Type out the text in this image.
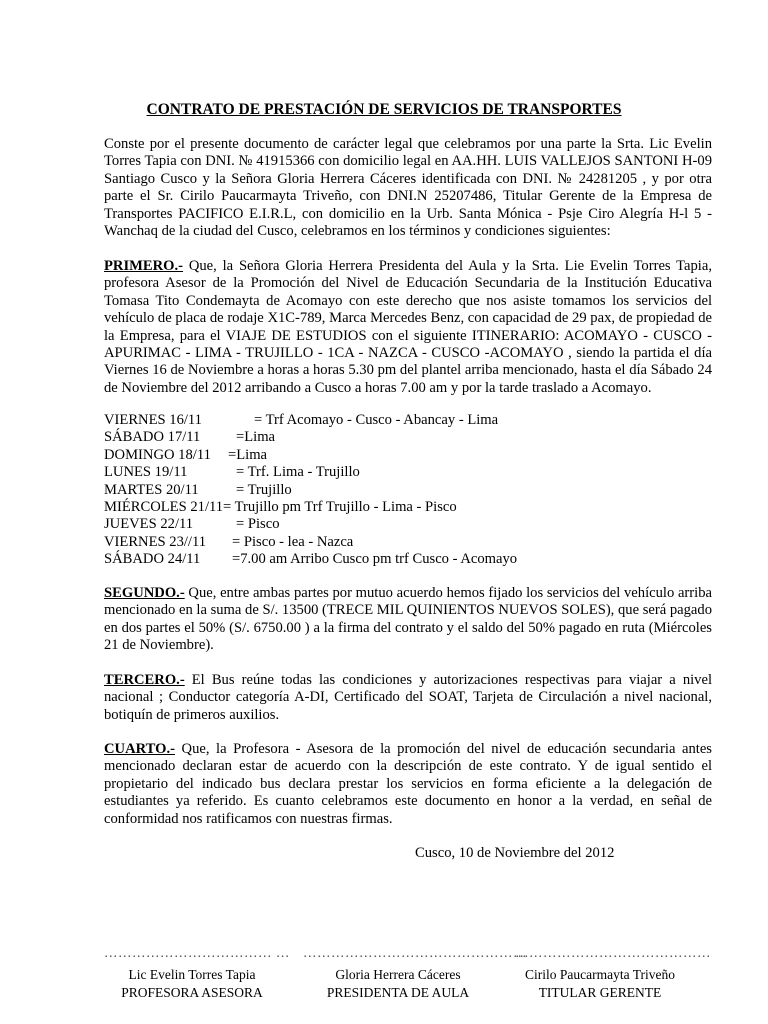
CONTRATO DE PRESTACIÓN DE SERVICIOS DE TRANSPORTES
Conste por el presente documento de carácter legal que celebramos por una parte la Srta. Lic Evelin Torres Tapia con DNI. № 41915366 con domicilio legal en AA.HH. LUIS VALLEJOS SANTONI H-09 Santiago Cusco y la Señora Gloria Herrera Cáceres identificada con DNI. № 24281205 , y por otra parte el Sr. Cirilo Paucarmayta Triveño, con DNI.N 25207486, Titular Gerente de la Empresa de Transportes PACIFICO E.I.R.L, con domicilio en la Urb. Santa Mónica - Psje Ciro Alegría H-l 5 -Wanchaq de la ciudad del Cusco, celebramos en los términos y condiciones siguientes:
PRIMERO.- Que, la Señora Gloria Herrera Presidenta del Aula y la Srta. Lie Evelin Torres Tapia, profesora Asesor de la Promoción del Nivel de Educación Secundaria de la Institución Educativa Tomasa Tito Condemayta de Acomayo con este derecho que nos asiste tomamos los servicios del vehículo de placa de rodaje X1C-789, Marca Mercedes Benz, con capacidad de 29 pax, de propiedad de la Empresa, para el VIAJE DE ESTUDIOS con el siguiente ITINERARIO: ACOMAYO - CUSCO - APURIMAC - LIMA - TRUJILLO - 1CA - NAZCA - CUSCO -ACOMAYO , siendo la partida el día Viernes 16 de Noviembre a horas a horas 5.30 pm del plantel arriba mencionado, hasta el día Sábado 24 de Noviembre del 2012 arribando a Cusco a horas 7.00 am y por la tarde traslado a Acomayo.
VIERNES 16/11	= Trf Acomayo - Cusco - Abancay - Lima
SÁBADO 17/11 =Lima
DOMINGO 18/11 =Lima
LUNES 19/11	= Trf. Lima - Trujillo
MARTES 20/11	= Trujillo
MIÉRCOLES 21/11 = Trujillo pm Trf Trujillo - Lima - Pisco
JUEVES 22/11	= Pisco
VIERNES 23//11 = Pisco - lea - Nazca
SÁBADO 24/11 =7.00 am Arribo Cusco pm trf Cusco - Acomayo
SEGUNDO.- Que, entre ambas partes por mutuo acuerdo hemos fijado los servicios del vehículo arriba mencionado en la suma de S/. 13500 (TRECE MIL QUINIENTOS NUEVOS SOLES), que será pagado en dos partes el 50% (S/. 6750.00 ) a la firma del contrato y el saldo del 50% pagado en ruta (Miércoles 21 de Noviembre).
TERCERO.- El Bus reúne todas las condiciones y autorizaciones respectivas para viajar a nivel nacional ; Conductor categoría A-DI, Certificado del SOAT, Tarjeta de Circulación a nivel nacional, botiquín de primeros auxilios.
CUARTO.- Que, la Profesora - Asesora de la promoción del nivel de educación secundaria antes mencionado declaran estar de acuerdo con la descripción de este contrato. Y de igual sentido el propietario del indicado bus declara prestar los servicios en forma eficiente a la delegación de estudiantes ya referido. Es cuanto celebramos este documento en honor a la verdad, en señal de conformidad nos ratificamos con nuestras firmas.
Cusco, 10 de Noviembre del 2012
……………………………… …
Lic Evelin Torres Tapia
PROFESORA ASESORA
…………………………………………
Gloria Herrera Cáceres
PRESIDENTA DE AULA
……………………………………
Cirilo Paucarmayta Triveño
TITULAR GERENTE
